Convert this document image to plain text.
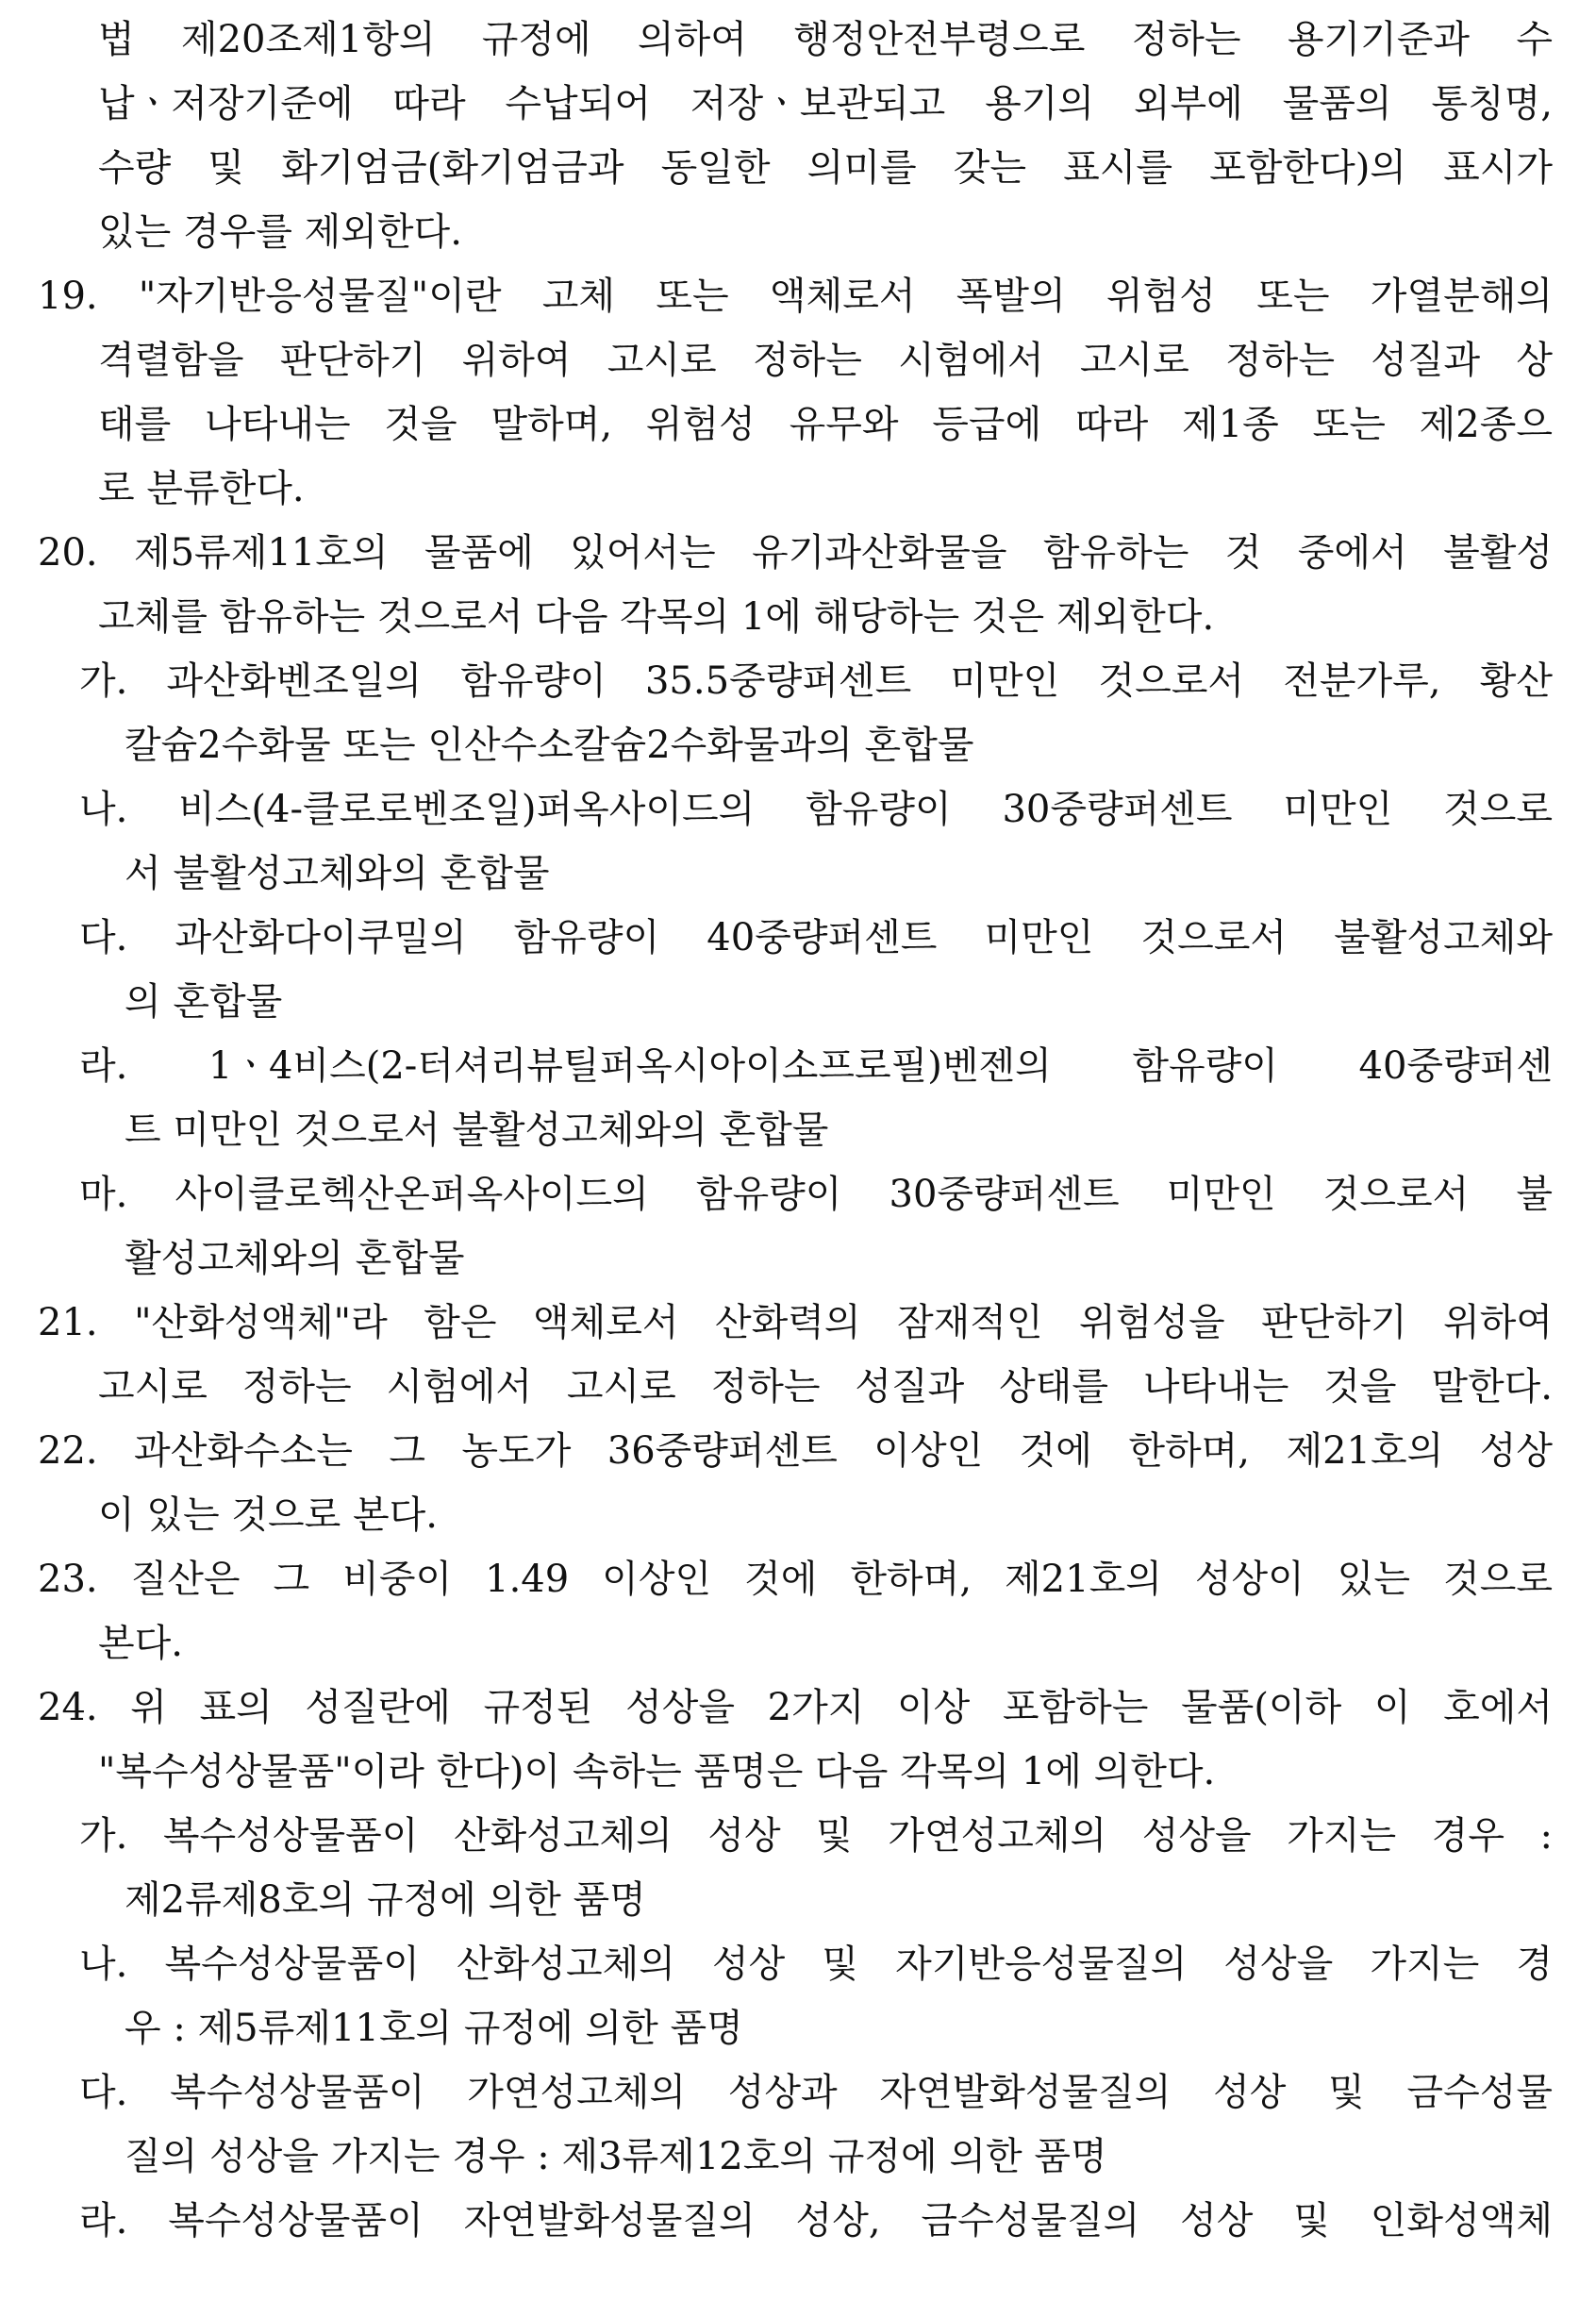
법 제20조제1항의 규정에 의하여 행정안전부령으로 정하는 용기기준과 수
납ㆍ저장기준에 따라 수납되어 저장ㆍ보관되고 용기의 외부에 물품의 통칭명,
수량 및 화기엄금(화기엄금과 동일한 의미를 갖는 표시를 포함한다)의 표시가
있는 경우를 제외한다.
19. "자기반응성물질"이란 고체 또는 액체로서 폭발의 위험성 또는 가열분해의
격렬함을 판단하기 위하여 고시로 정하는 시험에서 고시로 정하는 성질과 상
태를 나타내는 것을 말하며, 위험성 유무와 등급에 따라 제1종 또는 제2종으
로 분류한다.
20. 제5류제11호의 물품에 있어서는 유기과산화물을 함유하는 것 중에서 불활성
고체를 함유하는 것으로서 다음 각목의 1에 해당하는 것은 제외한다.
가. 과산화벤조일의 함유량이 35.5중량퍼센트 미만인 것으로서 전분가루, 황산
칼슘2수화물 또는 인산수소칼슘2수화물과의 혼합물
나. 비스(4-클로로벤조일)퍼옥사이드의 함유량이 30중량퍼센트 미만인 것으로
서 불활성고체와의 혼합물
다. 과산화다이쿠밀의 함유량이 40중량퍼센트 미만인 것으로서 불활성고체와
의 혼합물
라. 1ㆍ4비스(2-터셔리뷰틸퍼옥시아이소프로필)벤젠의 함유량이 40중량퍼센
트 미만인 것으로서 불활성고체와의 혼합물
마. 사이클로헥산온퍼옥사이드의 함유량이 30중량퍼센트 미만인 것으로서 불
활성고체와의 혼합물
21. "산화성액체"라 함은 액체로서 산화력의 잠재적인 위험성을 판단하기 위하여
고시로 정하는 시험에서 고시로 정하는 성질과 상태를 나타내는 것을 말한다.
22. 과산화수소는 그 농도가 36중량퍼센트 이상인 것에 한하며, 제21호의 성상
이 있는 것으로 본다.
23. 질산은 그 비중이 1.49 이상인 것에 한하며, 제21호의 성상이 있는 것으로
본다.
24. 위 표의 성질란에 규정된 성상을 2가지 이상 포함하는 물품(이하 이 호에서
"복수성상물품"이라 한다)이 속하는 품명은 다음 각목의 1에 의한다.
가. 복수성상물품이 산화성고체의 성상 및 가연성고체의 성상을 가지는 경우 :
제2류제8호의 규정에 의한 품명
나. 복수성상물품이 산화성고체의 성상 및 자기반응성물질의 성상을 가지는 경
우 : 제5류제11호의 규정에 의한 품명
다. 복수성상물품이 가연성고체의 성상과 자연발화성물질의 성상 및 금수성물
질의 성상을 가지는 경우 : 제3류제12호의 규정에 의한 품명
라. 복수성상물품이 자연발화성물질의 성상, 금수성물질의 성상 및 인화성액체
